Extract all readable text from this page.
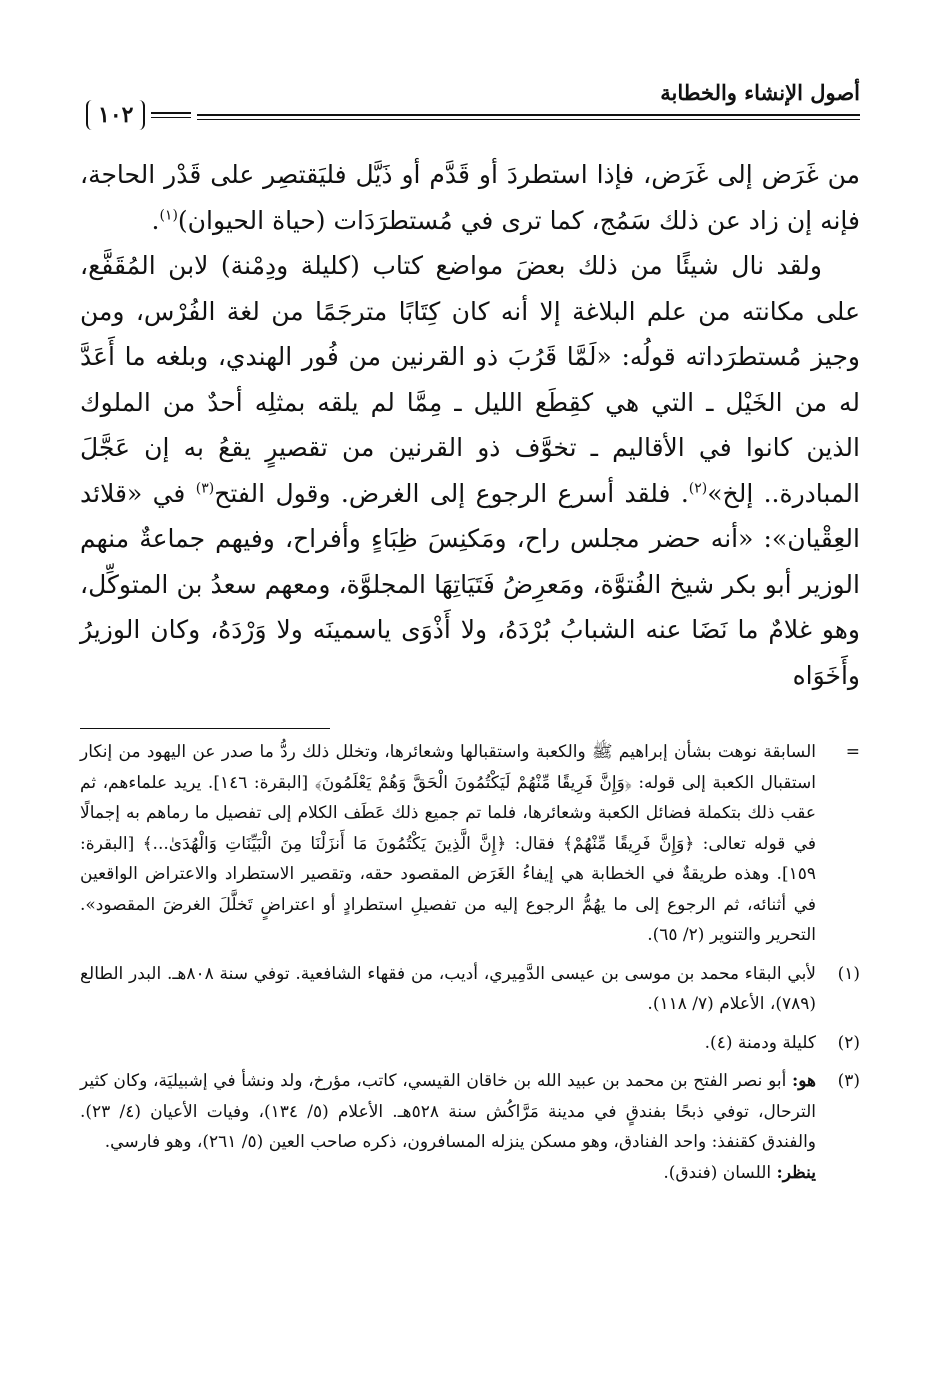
أصول الإنشاء والخطابة
١٠٢

من غَرَض إلى غَرَض، فإذا استطردَ أو قَدَّم أو ذَيَّل فليَقتصِر على قَدْر الحاجة، فإنه إن زاد عن ذلك سَمُج، كما ترى في مُستطرَدَات (حياة الحيوان)$^{(١)}$.

ولقد نال شيئًا من ذلك بعضَ مواضع كتاب (كليلة ودِمْنة) لابن المُقَفَّع، على مكانته من علم البلاغة إلا أنه كان كِتَابًا مترجَمًا من لغة الفُرْس، ومن وجيز مُستطرَداته قولُه: «لَمَّا قَرُبَ ذو القرنين من فُور الهندي، وبلغه ما أَعَدَّ له من الخَيْل ـ التي هي كقِطَع الليل ـ مِمَّا لم يلقه بمثلِه أحدٌ من الملوك الذين كانوا في الأقاليم ـ تخوَّف ذو القرنين من تقصيرٍ يقعُ به إن عَجَّلَ المبادرة.. إلخ»$^{(٢)}$. فلقد أسرع الرجوع إلى الغرض. وقول الفتح$^{(٣)}$ في «قلائد العِقْيان»: «أنه حضر مجلس راح، ومَكنِسَ ظِبَاءٍ وأفراح، وفيهم جماعةٌ منهم الوزير أبو بكر شيخ الفُتوَّة، ومَعرِضُ فَتَيَاتِهَا المجلوَّة، ومعهم سعدُ بن المتوكِّل، وهو غلامٌ ما نَضَا عنه الشبابُ بُرْدَهُ، ولا أَذْوَى ياسمينَه ولا وَرْدَهُ، وكان الوزيرُ وأَخَوَاه

=
السابقة نوهت بشأن إبراهيم ﷺ والكعبة واستقبالها وشعائرها، وتخلل ذلك ردُّ ما صدر عن اليهود من إنكار استقبال الكعبة إلى قوله: ﴿وَإِنَّ فَرِيقًا مِّنْهُمْ لَيَكْتُمُونَ الْحَقَّ وَهُمْ يَعْلَمُونَ﴾ [البقرة: ١٤٦]. يريد علماءهم، ثم عقب ذلك بتكملة فضائل الكعبة وشعائرها، فلما تم جميع ذلك عَطَف الكلام إلى تفصيل ما رماهم به إجمالًا في قوله تعالى: ﴿وَإِنَّ فَرِيقًا مِّنْهُمْ﴾ فقال: ﴿إِنَّ الَّذِينَ يَكْتُمُونَ مَا أَنزَلْنَا مِنَ الْبَيِّنَاتِ وَالْهُدَىٰ...﴾ [البقرة: ١٥٩]. وهذه طريقةٌ في الخطابة هي إيفاءُ الغَرَض المقصود حقه، وتقصير الاستطراد والاعتراض الواقعين في أثنائه، ثم الرجوع إلى ما يهُمُّ الرجوع إليه من تفصيلِ استطرادٍ أو اعتراضٍ تَخلَّلَ الغرضَ المقصود». التحرير والتنوير (٢/ ٦٥).
(١)
لأبي البقاء محمد بن موسى بن عيسى الدَّمِيري، أديب، من فقهاء الشافعية. توفي سنة ٨٠٨هـ. البدر الطالع (٧٨٩)، الأعلام (٧/ ١١٨).
(٢)
كليلة ودمنة (٤).
(٣)
هو: أبو نصر الفتح بن محمد بن عبيد الله بن خاقان القيسي، كاتب، مؤرخ، ولد ونشأ في إشبيليَة، وكان كثير الترحال، توفي ذبحًا بفندقٍ في مدينة مَرَّاكُش سنة ٥٢٨هـ. الأعلام (٥/ ١٣٤)، وفيات الأعيان (٤/ ٢٣). والفندق كقنفذ: واحد الفنادق، وهو مسكن ينزله المسافرون، ذكره صاحب العين (٥/ ٢٦١)، وهو فارسي.
ينظر: اللسان (فندق).
